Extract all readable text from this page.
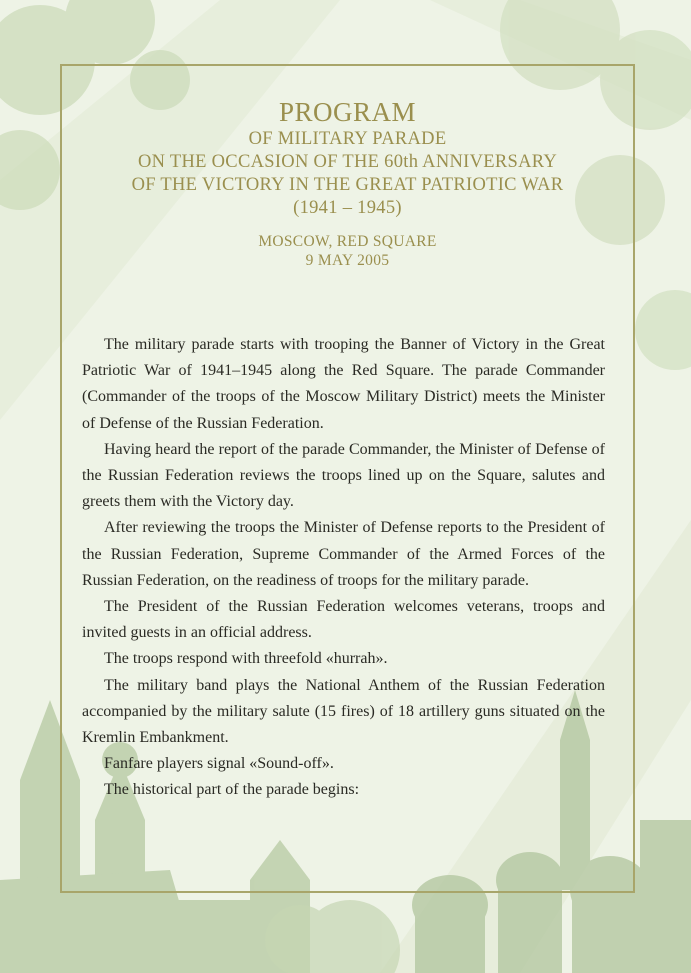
PROGRAM
OF MILITARY PARADE
ON THE OCCASION OF THE 60th ANNIVERSARY
OF THE VICTORY IN THE GREAT PATRIOTIC WAR
(1941 – 1945)
MOSCOW, RED SQUARE
9 MAY 2005

The military parade starts with trooping the Banner of Victory in the Great Patriotic War of 1941–1945 along the Red Square. The parade Commander (Commander of the troops of the Moscow Military District) meets the Minister of Defense of the Russian Federation.

Having heard the report of the parade Commander, the Minister of Defense of the Russian Federation reviews the troops lined up on the Square, salutes and greets them with the Victory day.

After reviewing the troops the Minister of Defense reports to the President of the Russian Federation, Supreme Commander of the Armed Forces of the Russian Federation, on the readiness of troops for the military parade.

The President of the Russian Federation welcomes veterans, troops and invited guests in an official address.

The troops respond with threefold «hurrah».

The military band plays the National Anthem of the Russian Federation accompanied by the military salute (15 fires) of 18 artillery guns situated on the Kremlin Embankment.

Fanfare players signal «Sound-off».

The historical part of the parade begins:
